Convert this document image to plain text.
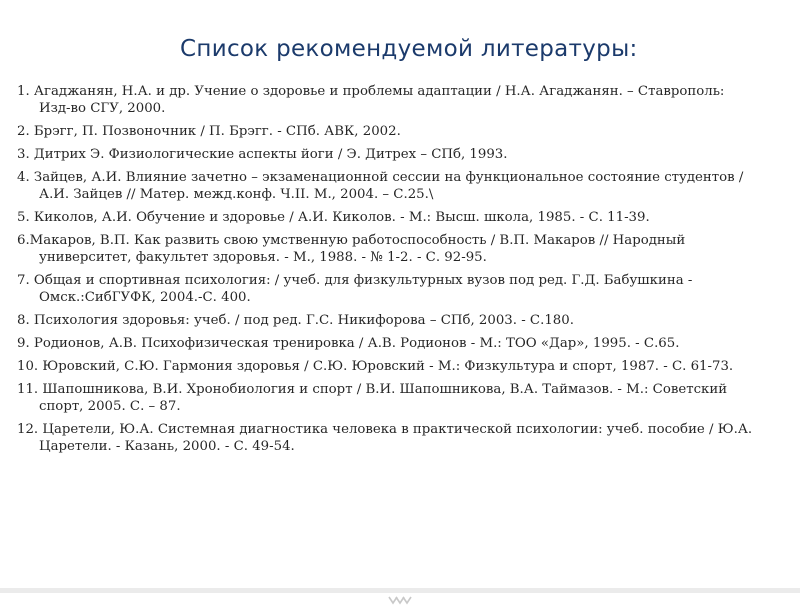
Список рекомендуемой литературы:
1. Агаджанян, Н.А. и др. Учение о здоровье и проблемы адаптации / Н.А. Агаджанян. – Ставрополь: Изд-во СГУ, 2000.
2. Брэгг, П. Позвоночник / П. Брэгг. - СПб. АВК, 2002.
3. Дитрих Э. Физиологические аспекты йоги / Э. Дитрех – СПб, 1993.
4. Зайцев, А.И. Влияние зачетно – экзаменационной сессии на функциональное состояние студентов / А.И. Зайцев // Матер. межд.конф. Ч.II. М., 2004. – С.25.\
5. Киколов, А.И. Обучение и здоровье / А.И. Киколов. - М.: Высш. школа, 1985. - С. 11-39.
6.Макаров, В.П. Как развить свою умственную работоспособность / В.П. Макаров // Народный университет, факультет здоровья. - М., 1988. - № 1-2. - С. 92-95.
7. Общая и спортивная психология: / учеб. для физкультурных вузов под ред. Г.Д. Бабушкина - Омск.:СибГУФК, 2004.-С. 400.
8. Психология здоровья: учеб. / под ред. Г.С. Никифорова – СПб, 2003. - С.180.
9. Родионов, А.В. Психофизическая тренировка / А.В. Родионов - М.: ТОО «Дар», 1995. - С.65.
10. Юровский, С.Ю. Гармония здоровья / С.Ю. Юровский - М.: Физкультура и спорт, 1987. - С. 61-73.
11. Шапошникова, В.И. Хронобиология и спорт / В.И. Шапошникова, В.А. Таймазов. - М.: Советский спорт, 2005. С. – 87.
12. Царетели, Ю.А. Системная диагностика человека в практической психологии: учеб. пособие / Ю.А. Царетели. - Казань, 2000. - С. 49-54.
